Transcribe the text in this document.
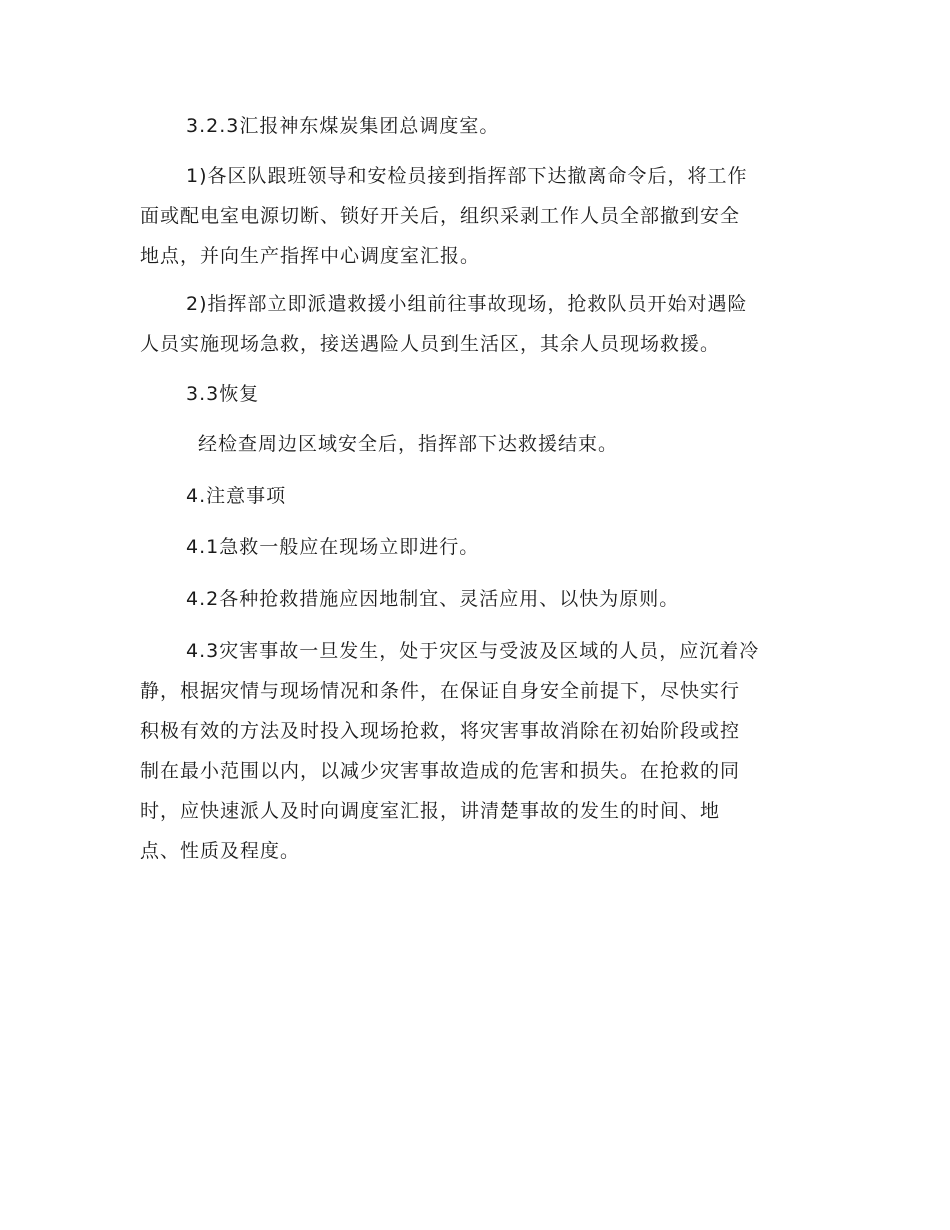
3.2.3汇报神东煤炭集团总调度室。

1)各区队跟班领导和安检员接到指挥部下达撤离命令后，将工作
面或配电室电源切断、锁好开关后，组织采剥工作人员全部撤到安全
地点，并向生产指挥中心调度室汇报。

2)指挥部立即派遣救援小组前往事故现场，抢救队员开始对遇险
人员实施现场急救，接送遇险人员到生活区，其余人员现场救援。

3.3恢复

经检查周边区域安全后，指挥部下达救援结束。

4.注意事项

4.1急救一般应在现场立即进行。

4.2各种抢救措施应因地制宜、灵活应用、以快为原则。

4.3灾害事故一旦发生，处于灾区与受波及区域的人员，应沉着冷
静，根据灾情与现场情况和条件，在保证自身安全前提下，尽快实行
积极有效的方法及时投入现场抢救，将灾害事故消除在初始阶段或控
制在最小范围以内，以减少灾害事故造成的危害和损失。在抢救的同
时，应快速派人及时向调度室汇报，讲清楚事故的发生的时间、地
点、性质及程度。
